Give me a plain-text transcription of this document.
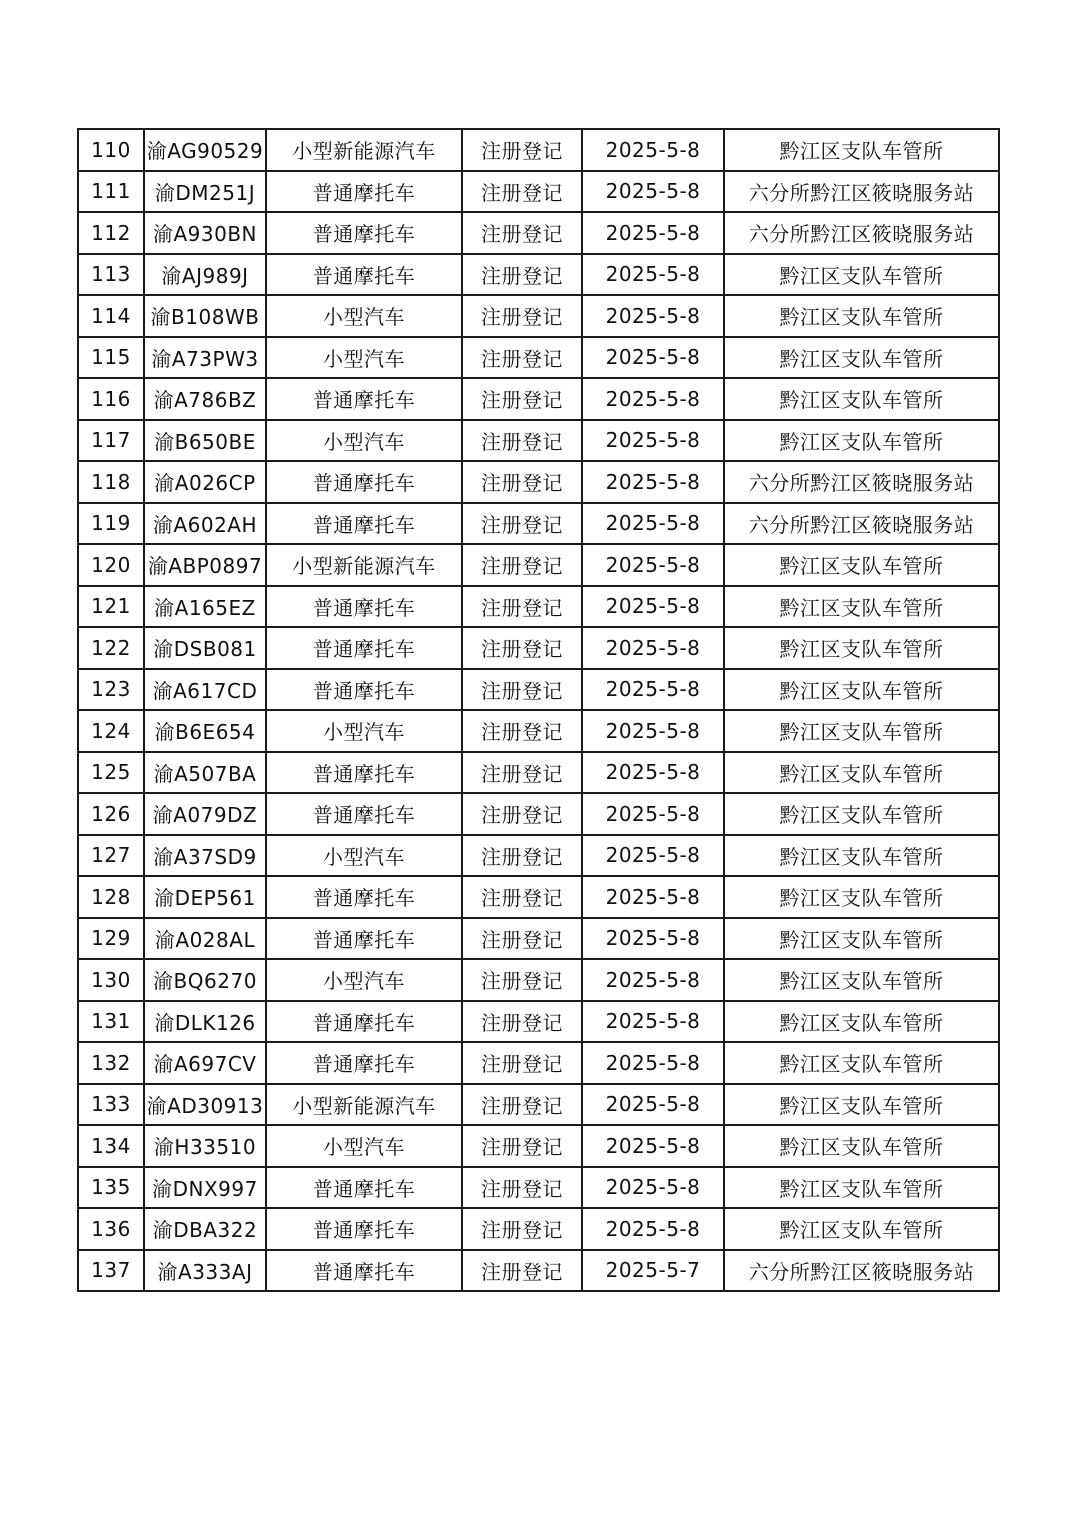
110	渝AG90529	小型新能源汽车	注册登记	2025-5-8	黔江区支队车管所
111	渝DM251J	普通摩托车	注册登记	2025-5-8	六分所黔江区筱晓服务站
112	渝A930BN	普通摩托车	注册登记	2025-5-8	六分所黔江区筱晓服务站
113	渝AJ989J	普通摩托车	注册登记	2025-5-8	黔江区支队车管所
114	渝B108WB	小型汽车	注册登记	2025-5-8	黔江区支队车管所
115	渝A73PW3	小型汽车	注册登记	2025-5-8	黔江区支队车管所
116	渝A786BZ	普通摩托车	注册登记	2025-5-8	黔江区支队车管所
117	渝B650BE	小型汽车	注册登记	2025-5-8	黔江区支队车管所
118	渝A026CP	普通摩托车	注册登记	2025-5-8	六分所黔江区筱晓服务站
119	渝A602AH	普通摩托车	注册登记	2025-5-8	六分所黔江区筱晓服务站
120	渝ABP0897	小型新能源汽车	注册登记	2025-5-8	黔江区支队车管所
121	渝A165EZ	普通摩托车	注册登记	2025-5-8	黔江区支队车管所
122	渝DSB081	普通摩托车	注册登记	2025-5-8	黔江区支队车管所
123	渝A617CD	普通摩托车	注册登记	2025-5-8	黔江区支队车管所
124	渝B6E654	小型汽车	注册登记	2025-5-8	黔江区支队车管所
125	渝A507BA	普通摩托车	注册登记	2025-5-8	黔江区支队车管所
126	渝A079DZ	普通摩托车	注册登记	2025-5-8	黔江区支队车管所
127	渝A37SD9	小型汽车	注册登记	2025-5-8	黔江区支队车管所
128	渝DEP561	普通摩托车	注册登记	2025-5-8	黔江区支队车管所
129	渝A028AL	普通摩托车	注册登记	2025-5-8	黔江区支队车管所
130	渝BQ6270	小型汽车	注册登记	2025-5-8	黔江区支队车管所
131	渝DLK126	普通摩托车	注册登记	2025-5-8	黔江区支队车管所
132	渝A697CV	普通摩托车	注册登记	2025-5-8	黔江区支队车管所
133	渝AD30913	小型新能源汽车	注册登记	2025-5-8	黔江区支队车管所
134	渝H33510	小型汽车	注册登记	2025-5-8	黔江区支队车管所
135	渝DNX997	普通摩托车	注册登记	2025-5-8	黔江区支队车管所
136	渝DBA322	普通摩托车	注册登记	2025-5-8	黔江区支队车管所
137	渝A333AJ	普通摩托车	注册登记	2025-5-7	六分所黔江区筱晓服务站
